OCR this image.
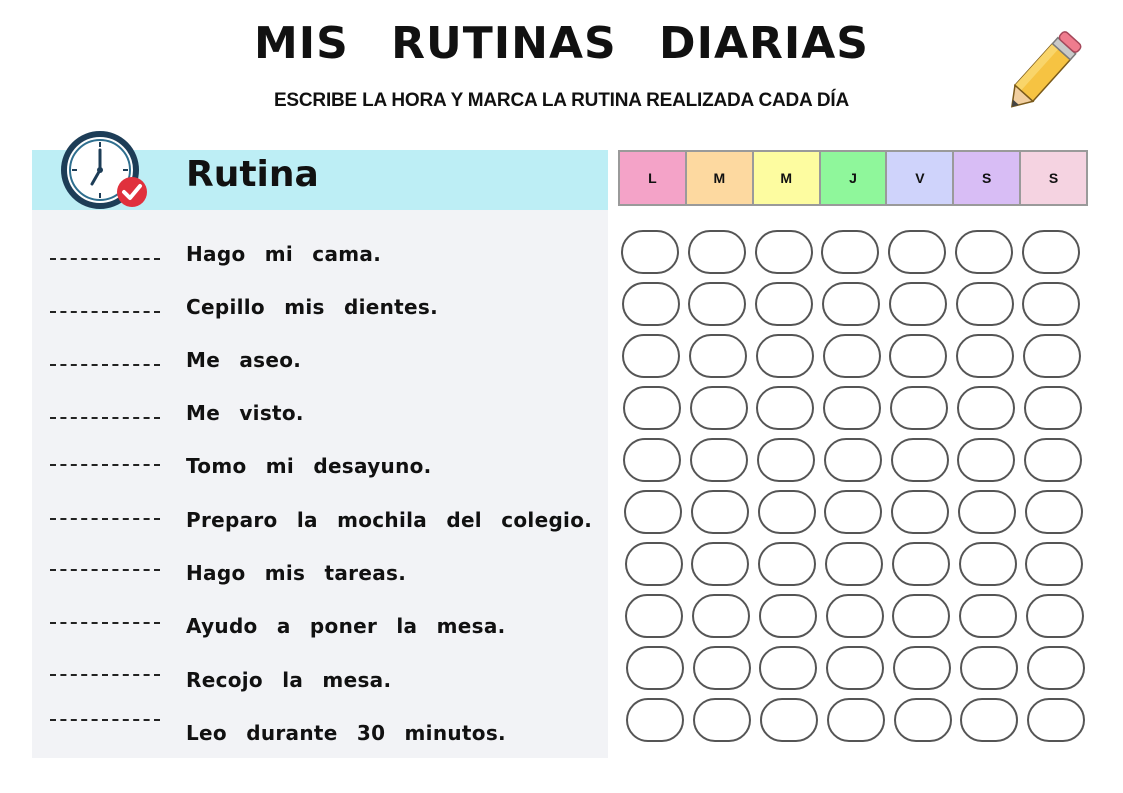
MIS RUTINAS DIARIAS
ESCRIBE LA HORA Y MARCA LA RUTINA REALIZADA CADA DÍA
Rutina
Hago mi cama.
Cepillo mis dientes.
Me aseo.
Me visto.
Tomo mi desayuno.
Preparo la mochila del colegio.
Hago mis tareas.
Ayudo a poner la mesa.
Recojo la mesa.
Leo durante 30 minutos.
L	M	M	J	V	S	S
